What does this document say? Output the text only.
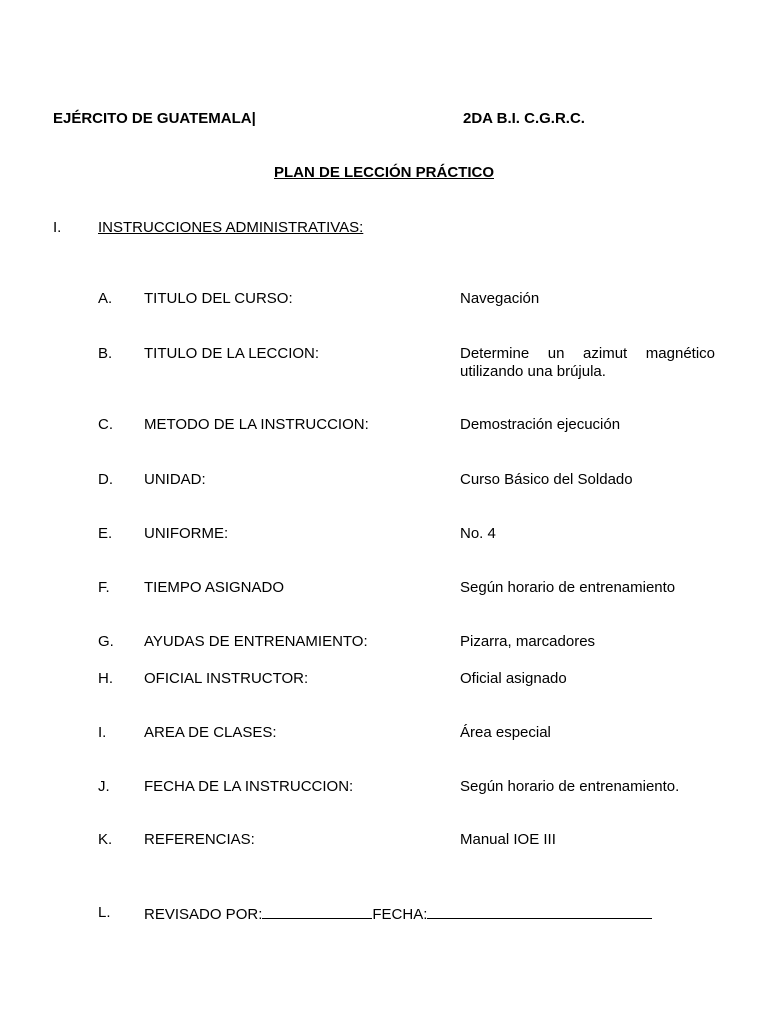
EJÉRCITO DE GUATEMALA|	2DA B.I. C.G.R.C.
PLAN DE LECCIÓN PRÁCTICO
I. INSTRUCCIONES ADMINISTRATIVAS:
A. TITULO DEL CURSO:	Navegación
B. TITULO DE LA LECCION:	Determine un azimut magnético utilizando una brújula.
C. METODO DE LA INSTRUCCION:	Demostración ejecución
D. UNIDAD:	Curso Básico del Soldado
E. UNIFORME:	No. 4
F. TIEMPO ASIGNADO	Según horario de entrenamiento
G. AYUDAS DE ENTRENAMIENTO:	Pizarra, marcadores
H. OFICIAL INSTRUCTOR:	Oficial asignado
I.	AREA DE CLASES:	Área especial
J. FECHA DE LA INSTRUCCION:	Según horario de entrenamiento.
K. REFERENCIAS:	Manual IOE III
L. REVISADO POR:	FECHA:
